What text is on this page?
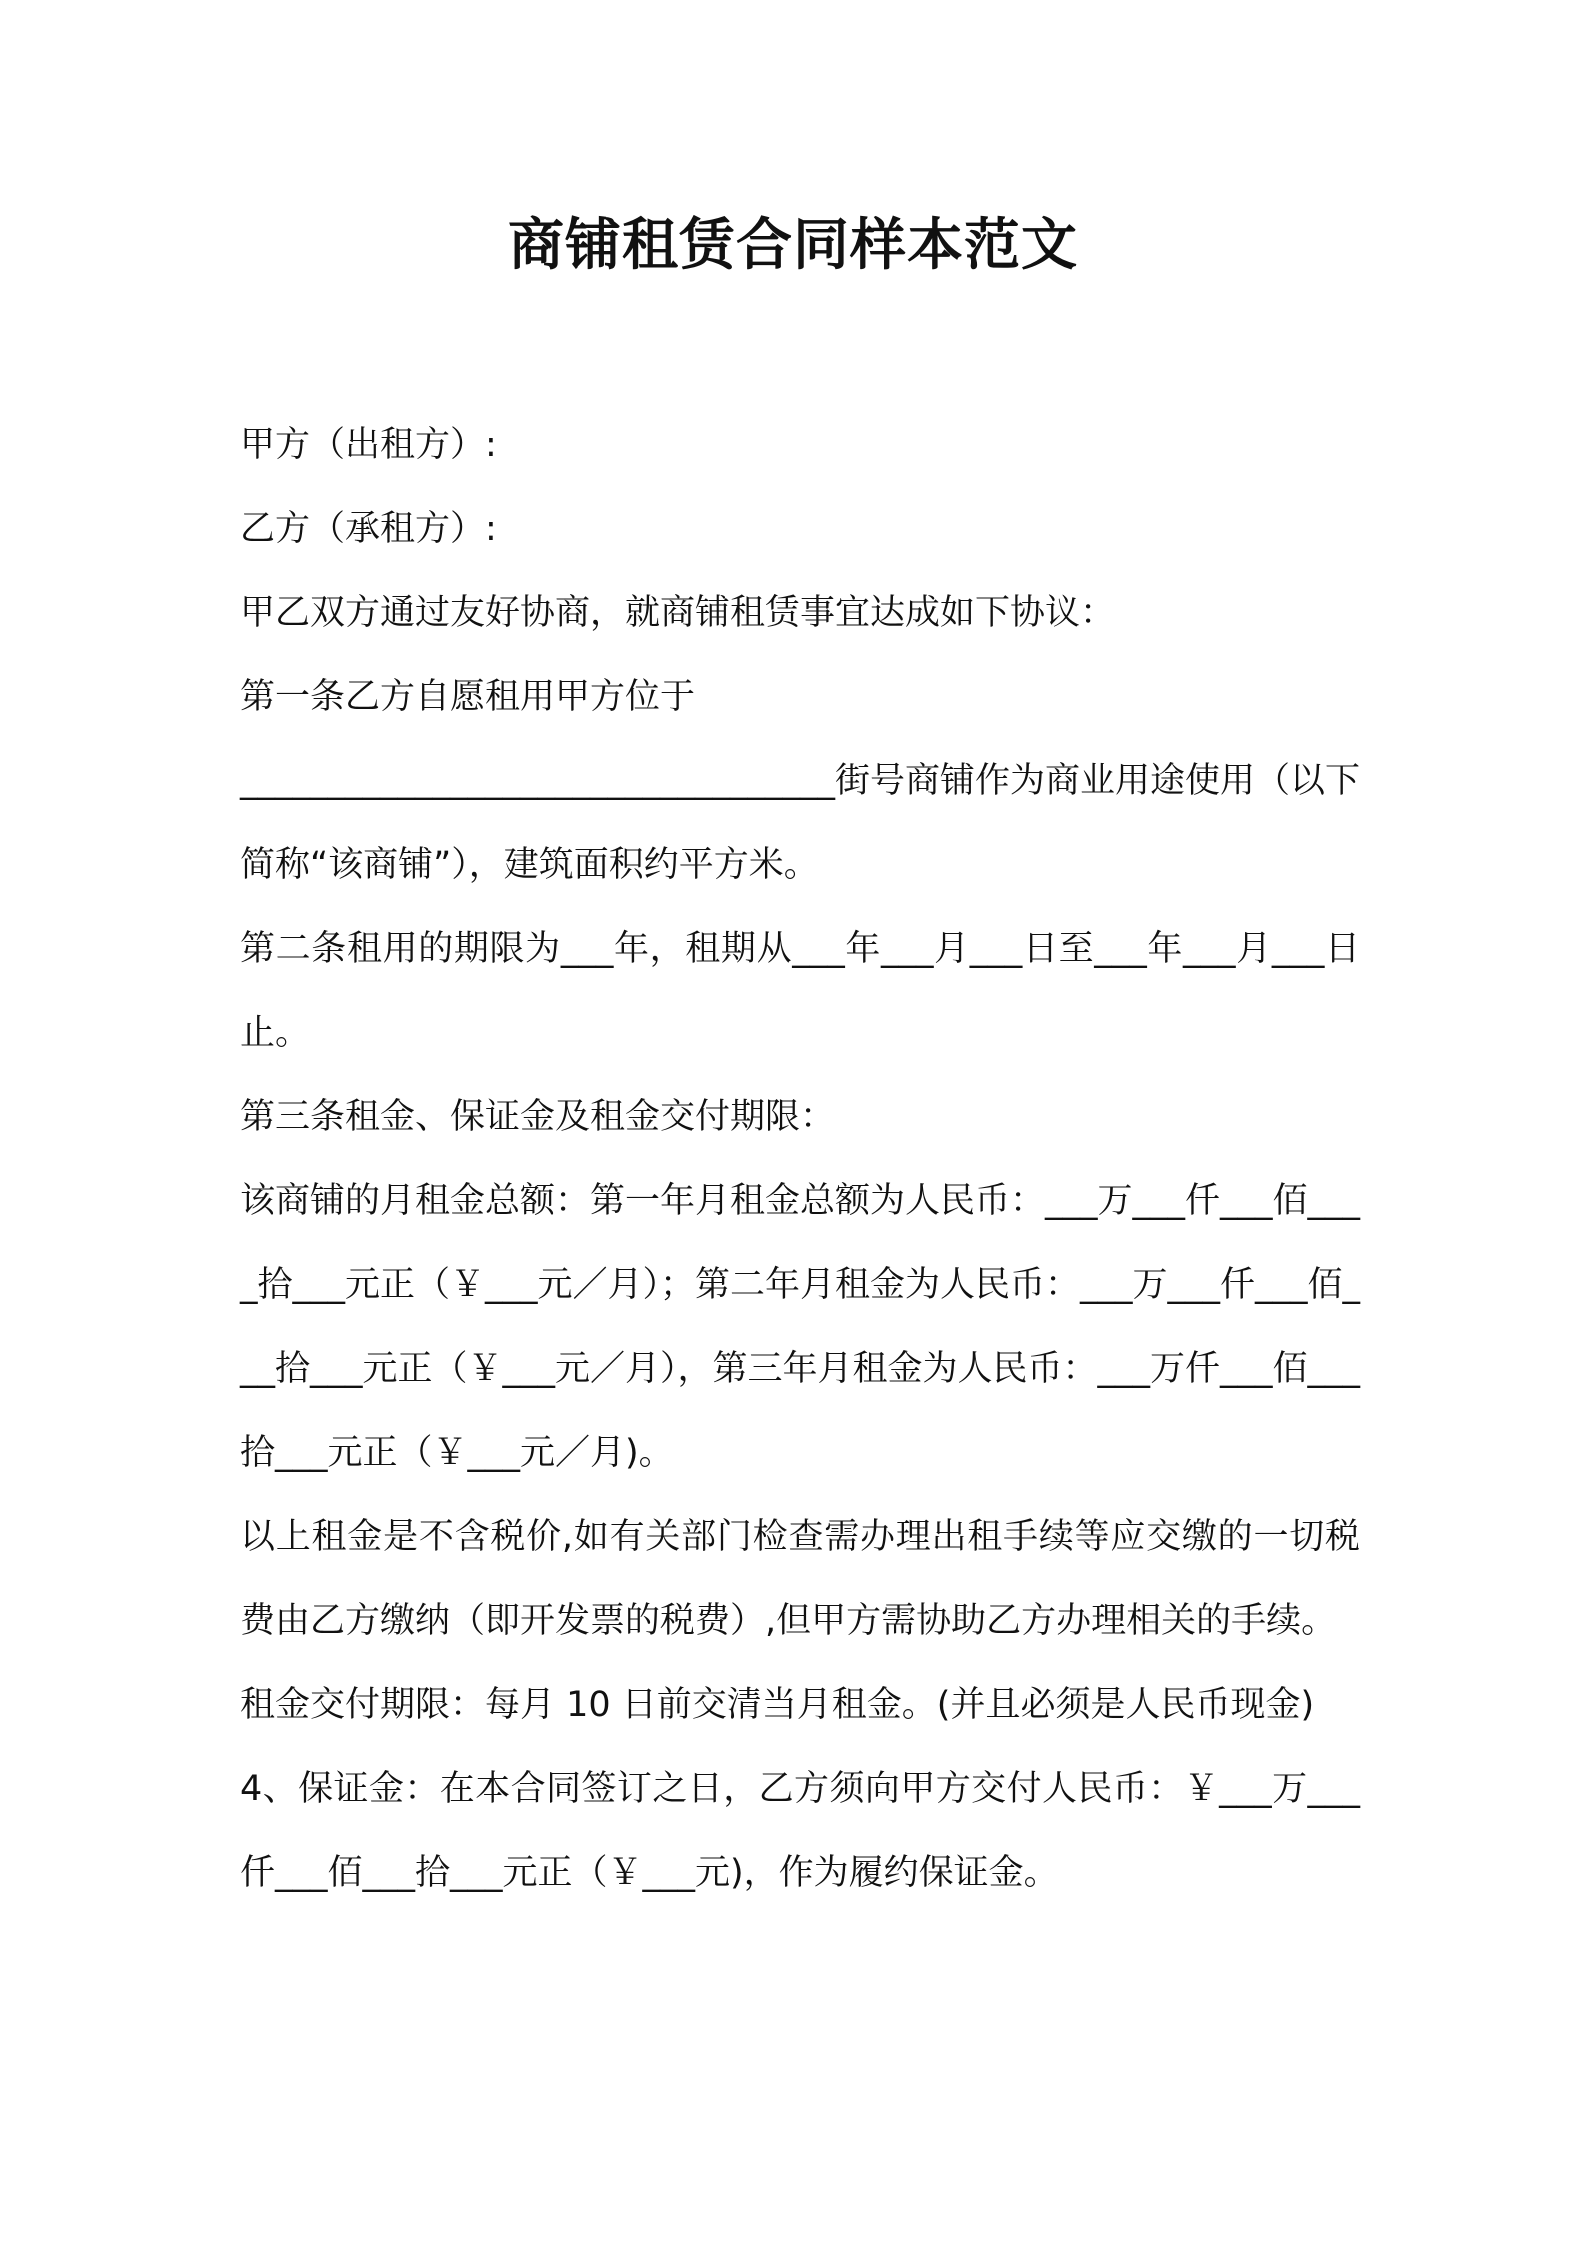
商铺租赁合同样本范文

甲方（出租方）:

乙方（承租方）:

甲乙双方通过友好协商，就商铺租赁事宜达成如下协议：

第一条乙方自愿租用甲方位于

__________________________________街号商铺作为商业用途使用（以下简称“该商铺”），建筑面积约平方米。

第二条租用的期限为___年，租期从___年___月___日至___年___月___日止。

第三条租金、保证金及租金交付期限：

该商铺的月租金总额：第一年月租金总额为人民币：___万___仟___佰____拾___元正（￥___元／月）；第二年月租金为人民币：___万___仟___佰___拾___元正（￥___元／月），第三年月租金为人民币：___万仟___佰___拾___元正（￥___元／月)。

以上租金是不含税价,如有关部门检查需办理出租手续等应交缴的一切税费由乙方缴纳（即开发票的税费）,但甲方需协助乙方办理相关的手续。

租金交付期限：每月 10 日前交清当月租金。(并且必须是人民币现金)

4、保证金：在本合同签订之日，乙方须向甲方交付人民币：￥___万___仟___佰___拾___元正（￥___元)，作为履约保证金。
